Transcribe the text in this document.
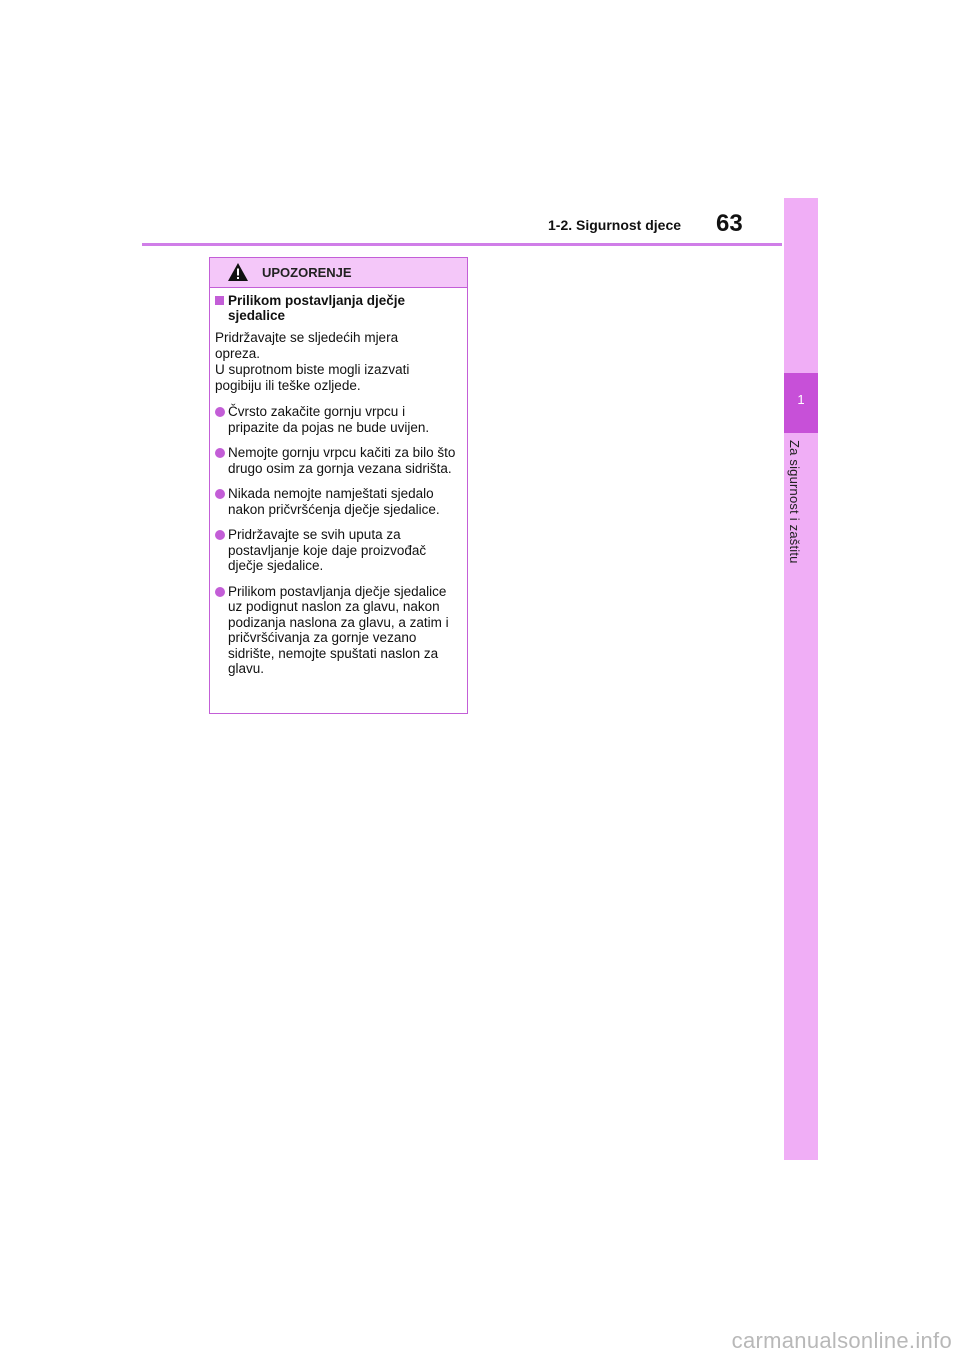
1-2. Sigurnost djece 63
1
Za sigurnost i zaštitu
UPOZORENJE
Prilikom postavljanja dječje sjedalice
Pridržavajte se sljedećih mjera
opreza.
U suprotnom biste mogli izazvati
pogibiju ili teške ozljede.
Čvrsto zakačite gornju vrpcu i pripazite da pojas ne bude uvijen.
Nemojte gornju vrpcu kačiti za bilo što drugo osim za gornja vezana sidrišta.
Nikada nemojte namještati sjedalo nakon pričvršćenja dječje sjedalice.
Pridržavajte se svih uputa za postavljanje koje daje proizvođač dječje sjedalice.
Prilikom postavljanja dječje sjedalice uz podignut naslon za glavu, nakon podizanja naslona za glavu, a zatim i pričvršćivanja za gornje vezano sidrište, nemojte spuštati naslon za glavu.
carmanualsonline.info
